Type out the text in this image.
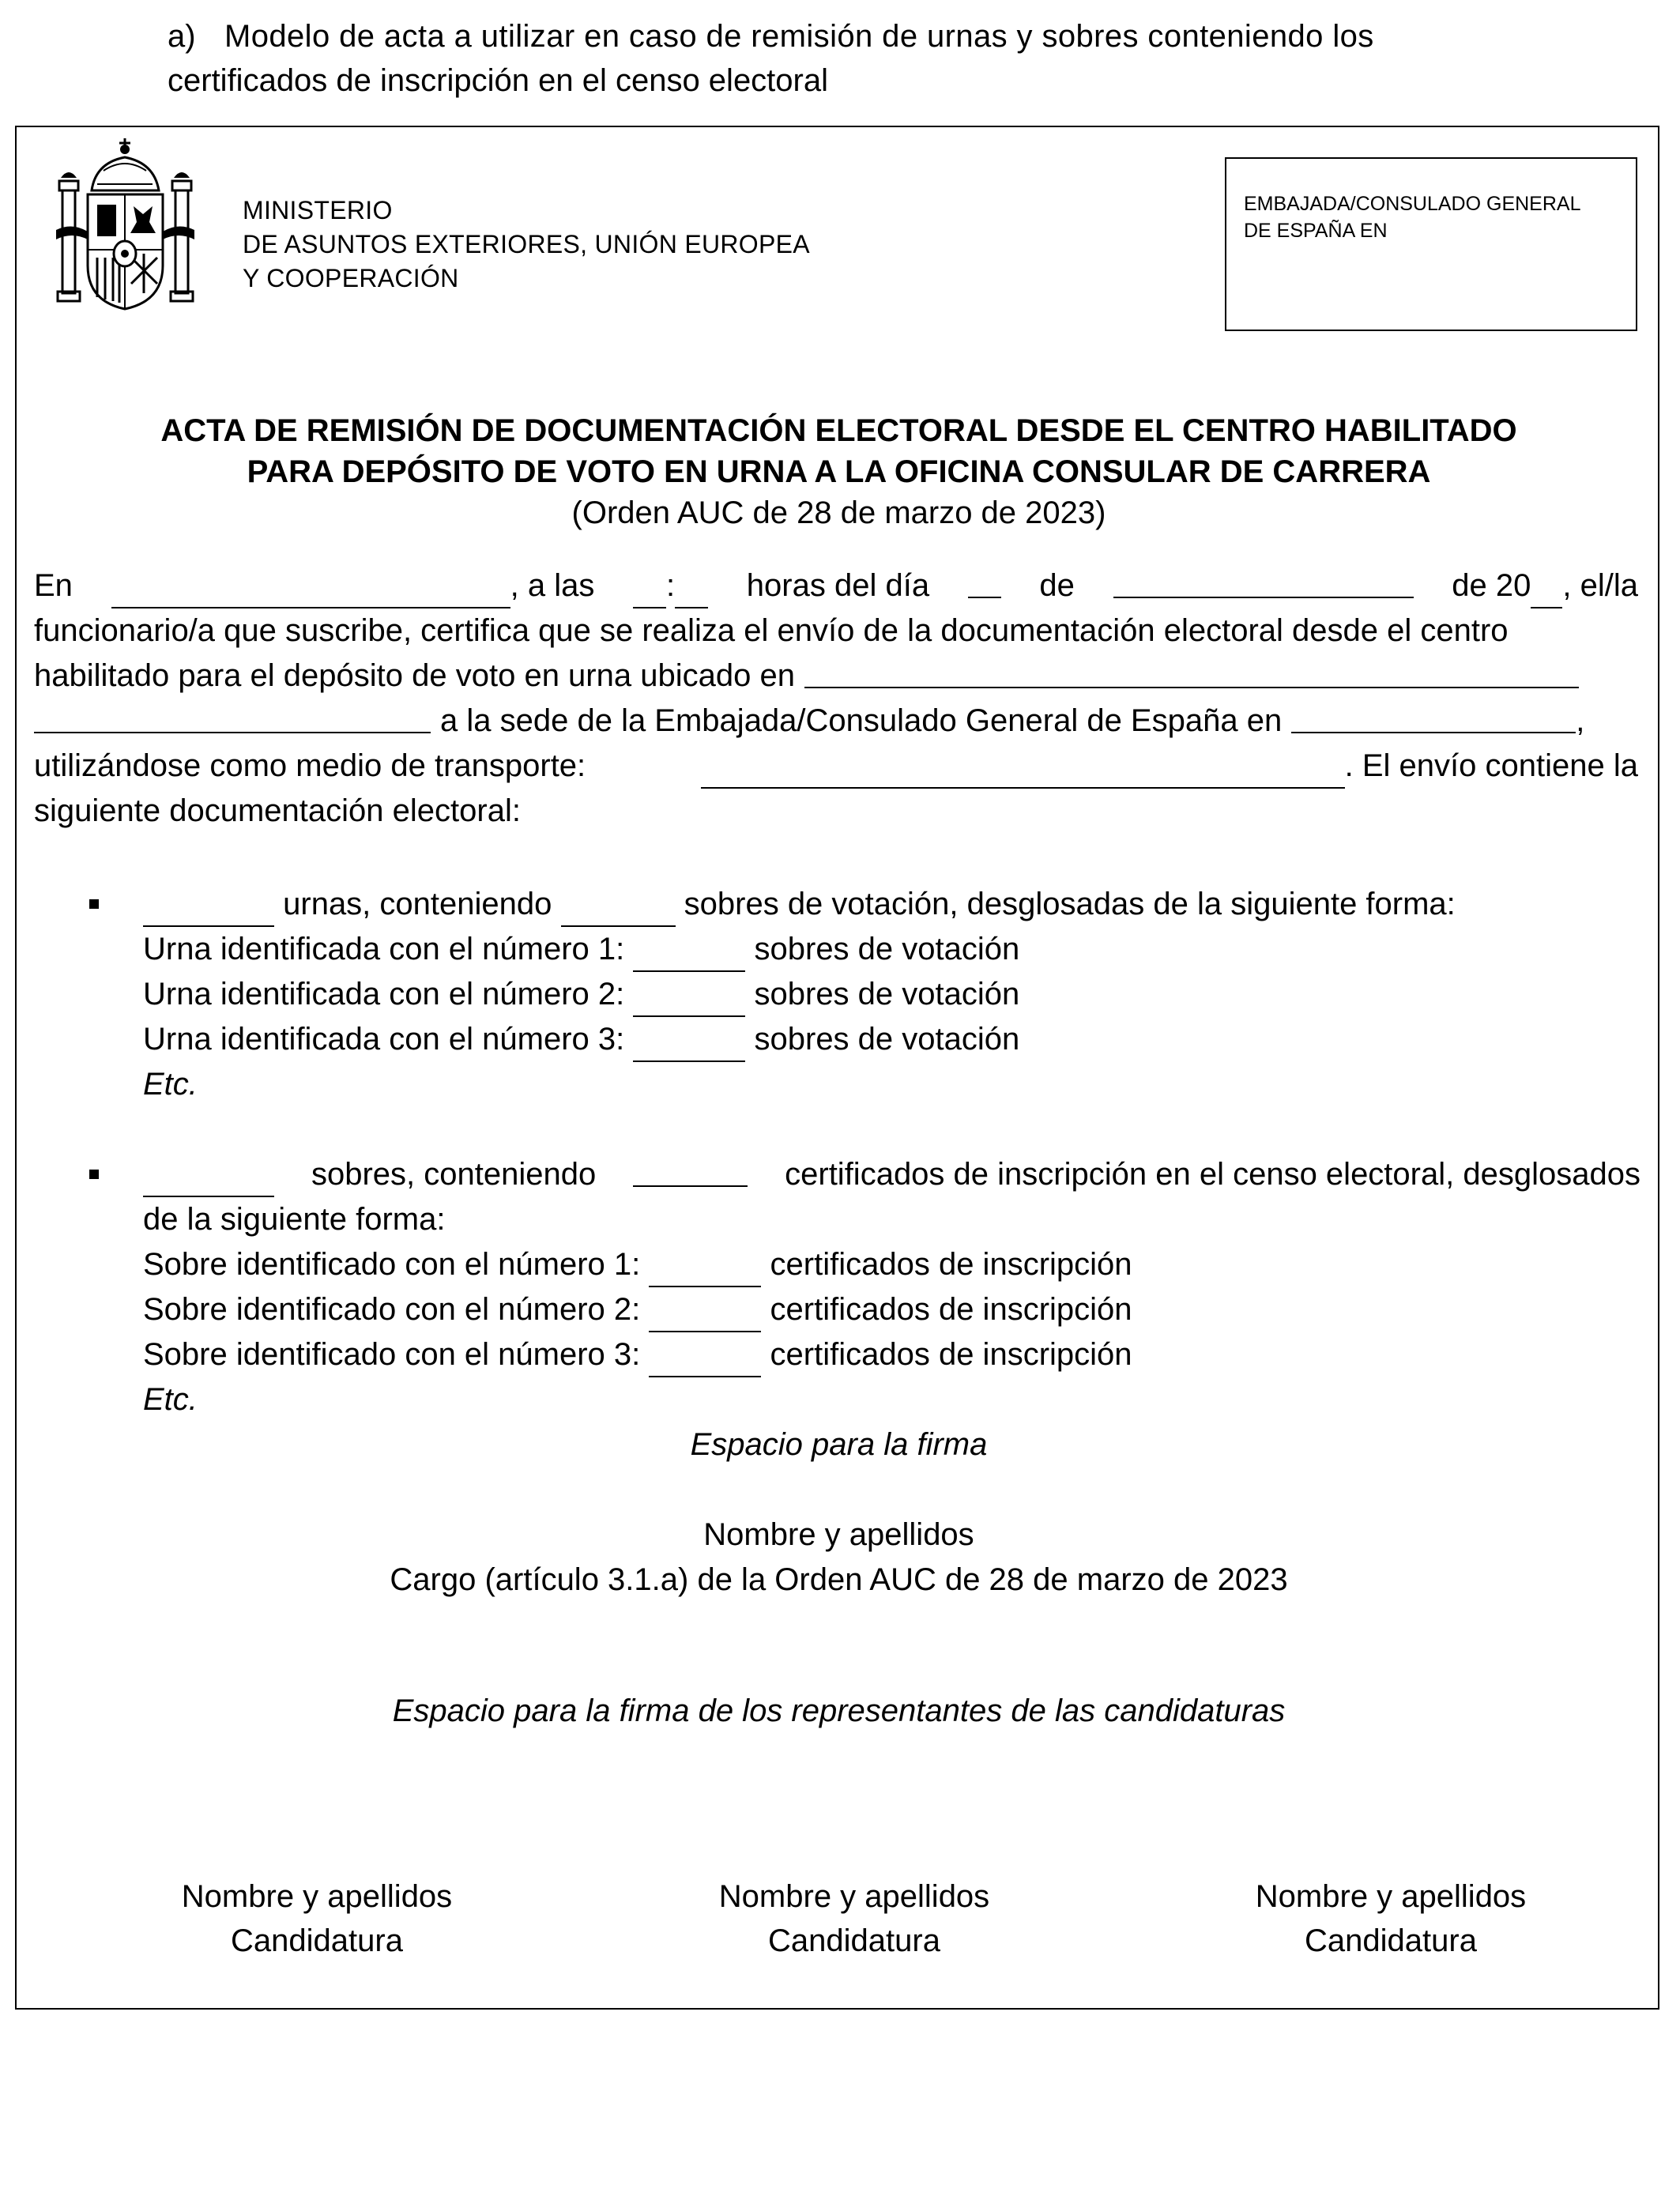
a) Modelo de acta a utilizar en caso de remisión de urnas y sobres conteniendo los
certificados de inscripción en el censo electoral
MINISTERIO
DE ASUNTOS EXTERIORES, UNIÓN EUROPEA
Y COOPERACIÓN
EMBAJADA/CONSULADO GENERAL
DE ESPAÑA EN
ACTA DE REMISIÓN DE DOCUMENTACIÓN ELECTORAL DESDE EL CENTRO HABILITADO
PARA DEPÓSITO DE VOTO EN URNA A LA OFICINA CONSULAR DE CARRERA
(Orden AUC de 28 de marzo de 2023)
En	, a las	:	horas del día	de	de 20 , el/la
funcionario/a que suscribe, certifica que se realiza el envío de la documentación electoral desde el centro
habilitado para el depósito de voto en urna ubicado en
a la sede de la Embajada/Consulado General de España en	,
utilizándose como medio de transporte:	. El envío contiene la
siguiente documentación electoral:
urnas, conteniendo	sobres de votación, desglosadas de la siguiente forma:
Urna identificada con el número 1:	sobres de votación
Urna identificada con el número 2:	sobres de votación
Urna identificada con el número 3:	sobres de votación
Etc.
sobres, conteniendo	certificados de inscripción en el censo electoral, desglosados
de la siguiente forma:
Sobre identificado con el número 1:	certificados de inscripción
Sobre identificado con el número 2:	certificados de inscripción
Sobre identificado con el número 3:	certificados de inscripción
Etc.
Espacio para la firma
Nombre y apellidos
Cargo (artículo 3.1.a) de la Orden AUC de 28 de marzo de 2023
Espacio para la firma de los representantes de las candidaturas
Nombre y apellidos
Candidatura
Nombre y apellidos
Candidatura
Nombre y apellidos
Candidatura
